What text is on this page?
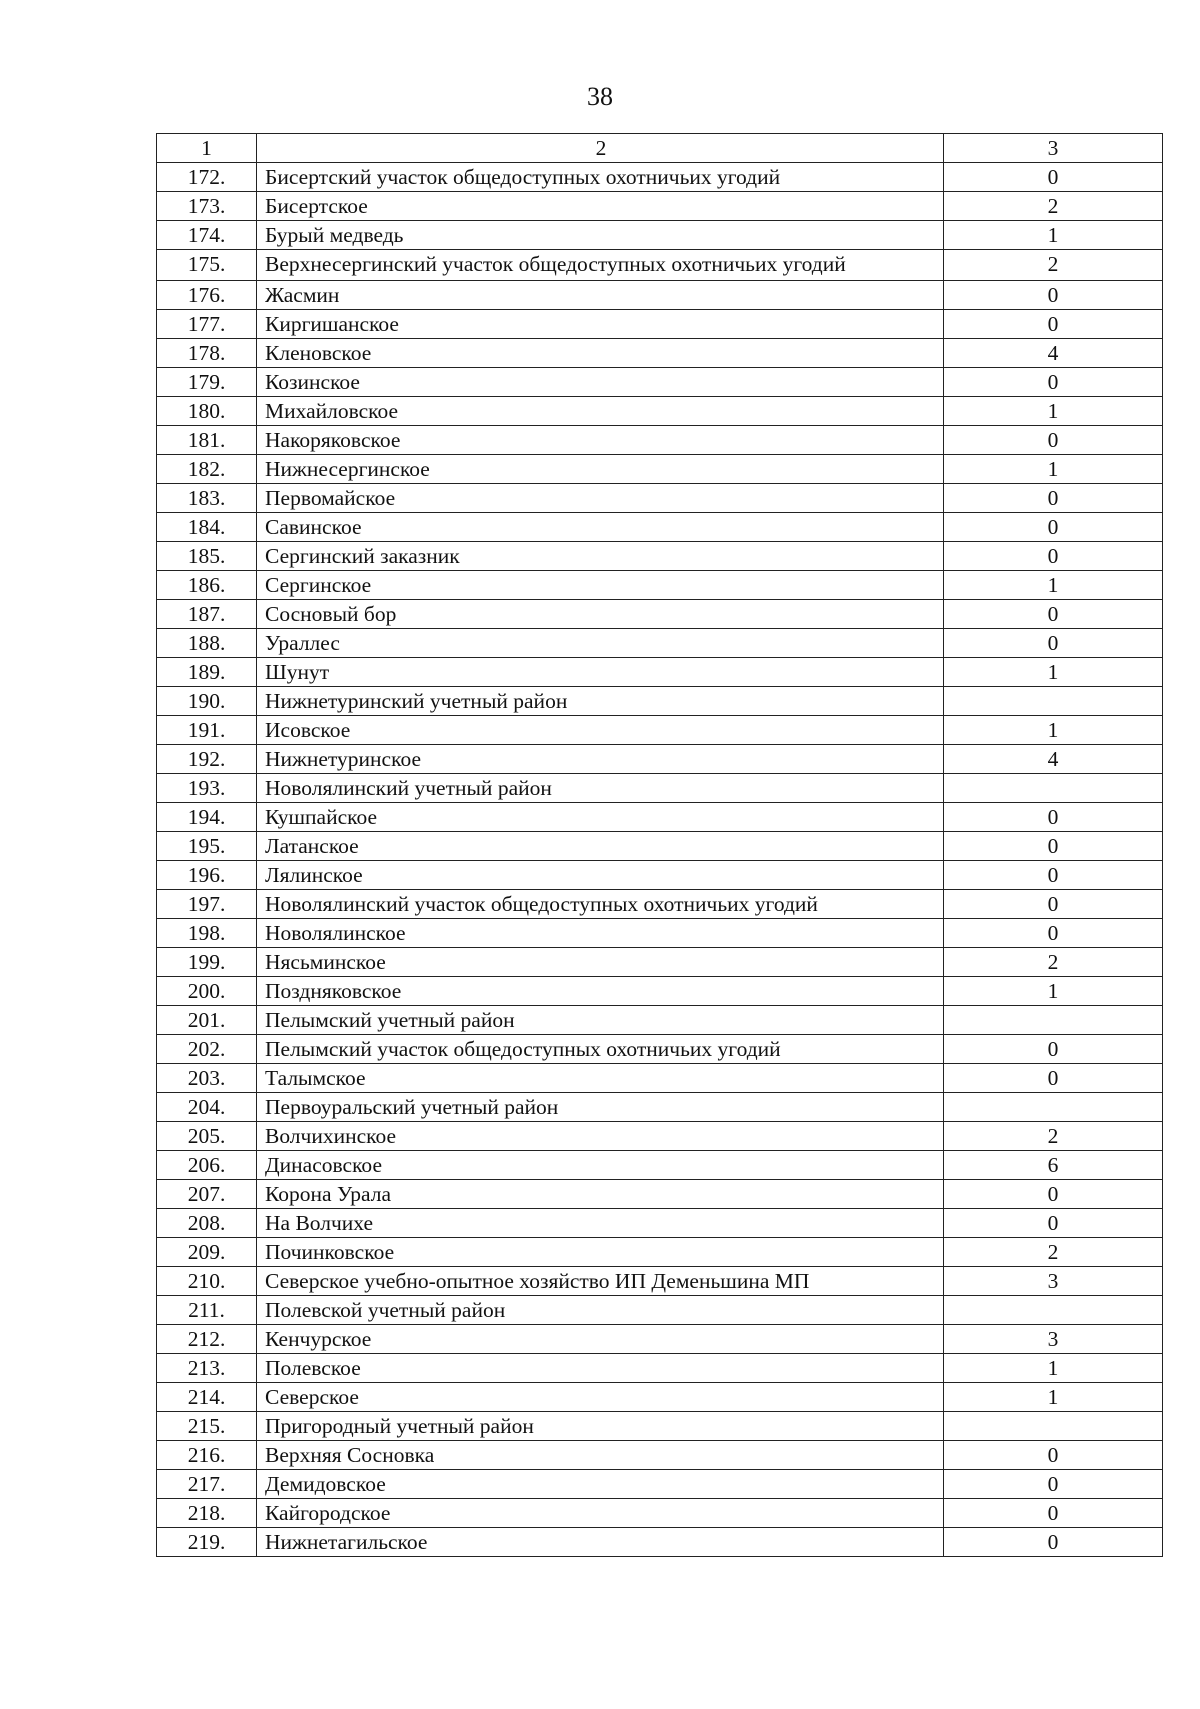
38
1	2	3
172.	Бисертский участок общедоступных охотничьих угодий	0
173.	Бисертское	2
174.	Бурый медведь	1
175.	Верхнесергинский участок общедоступных охотничьих угодий	2
176.	Жасмин	0
177.	Киргишанское	0
178.	Кленовское	4
179.	Козинское	0
180.	Михайловское	1
181.	Накоряковское	0
182.	Нижнесергинское	1
183.	Первомайское	0
184.	Савинское	0
185.	Сергинский заказник	0
186.	Сергинское	1
187.	Сосновый бор	0
188.	Ураллес	0
189.	Шунут	1
190.	Нижнетуринский учетный район	
191.	Исовское	1
192.	Нижнетуринское	4
193.	Новолялинский учетный район	
194.	Кушпайское	0
195.	Латанское	0
196.	Лялинское	0
197.	Новолялинский участок общедоступных охотничьих угодий	0
198.	Новолялинское	0
199.	Нясьминское	2
200.	Поздняковское	1
201.	Пелымский учетный район	
202.	Пелымский участок общедоступных охотничьих угодий	0
203.	Талымское	0
204.	Первоуральский учетный район	
205.	Волчихинское	2
206.	Динасовское	6
207.	Корона Урала	0
208.	На Волчихе	0
209.	Починковское	2
210.	Северское учебно-опытное хозяйство ИП Деменьшина МП	3
211.	Полевской учетный район	
212.	Кенчурское	3
213.	Полевское	1
214.	Северское	1
215.	Пригородный учетный район	
216.	Верхняя Сосновка	0
217.	Демидовское	0
218.	Кайгородское	0
219.	Нижнетагильское	0
